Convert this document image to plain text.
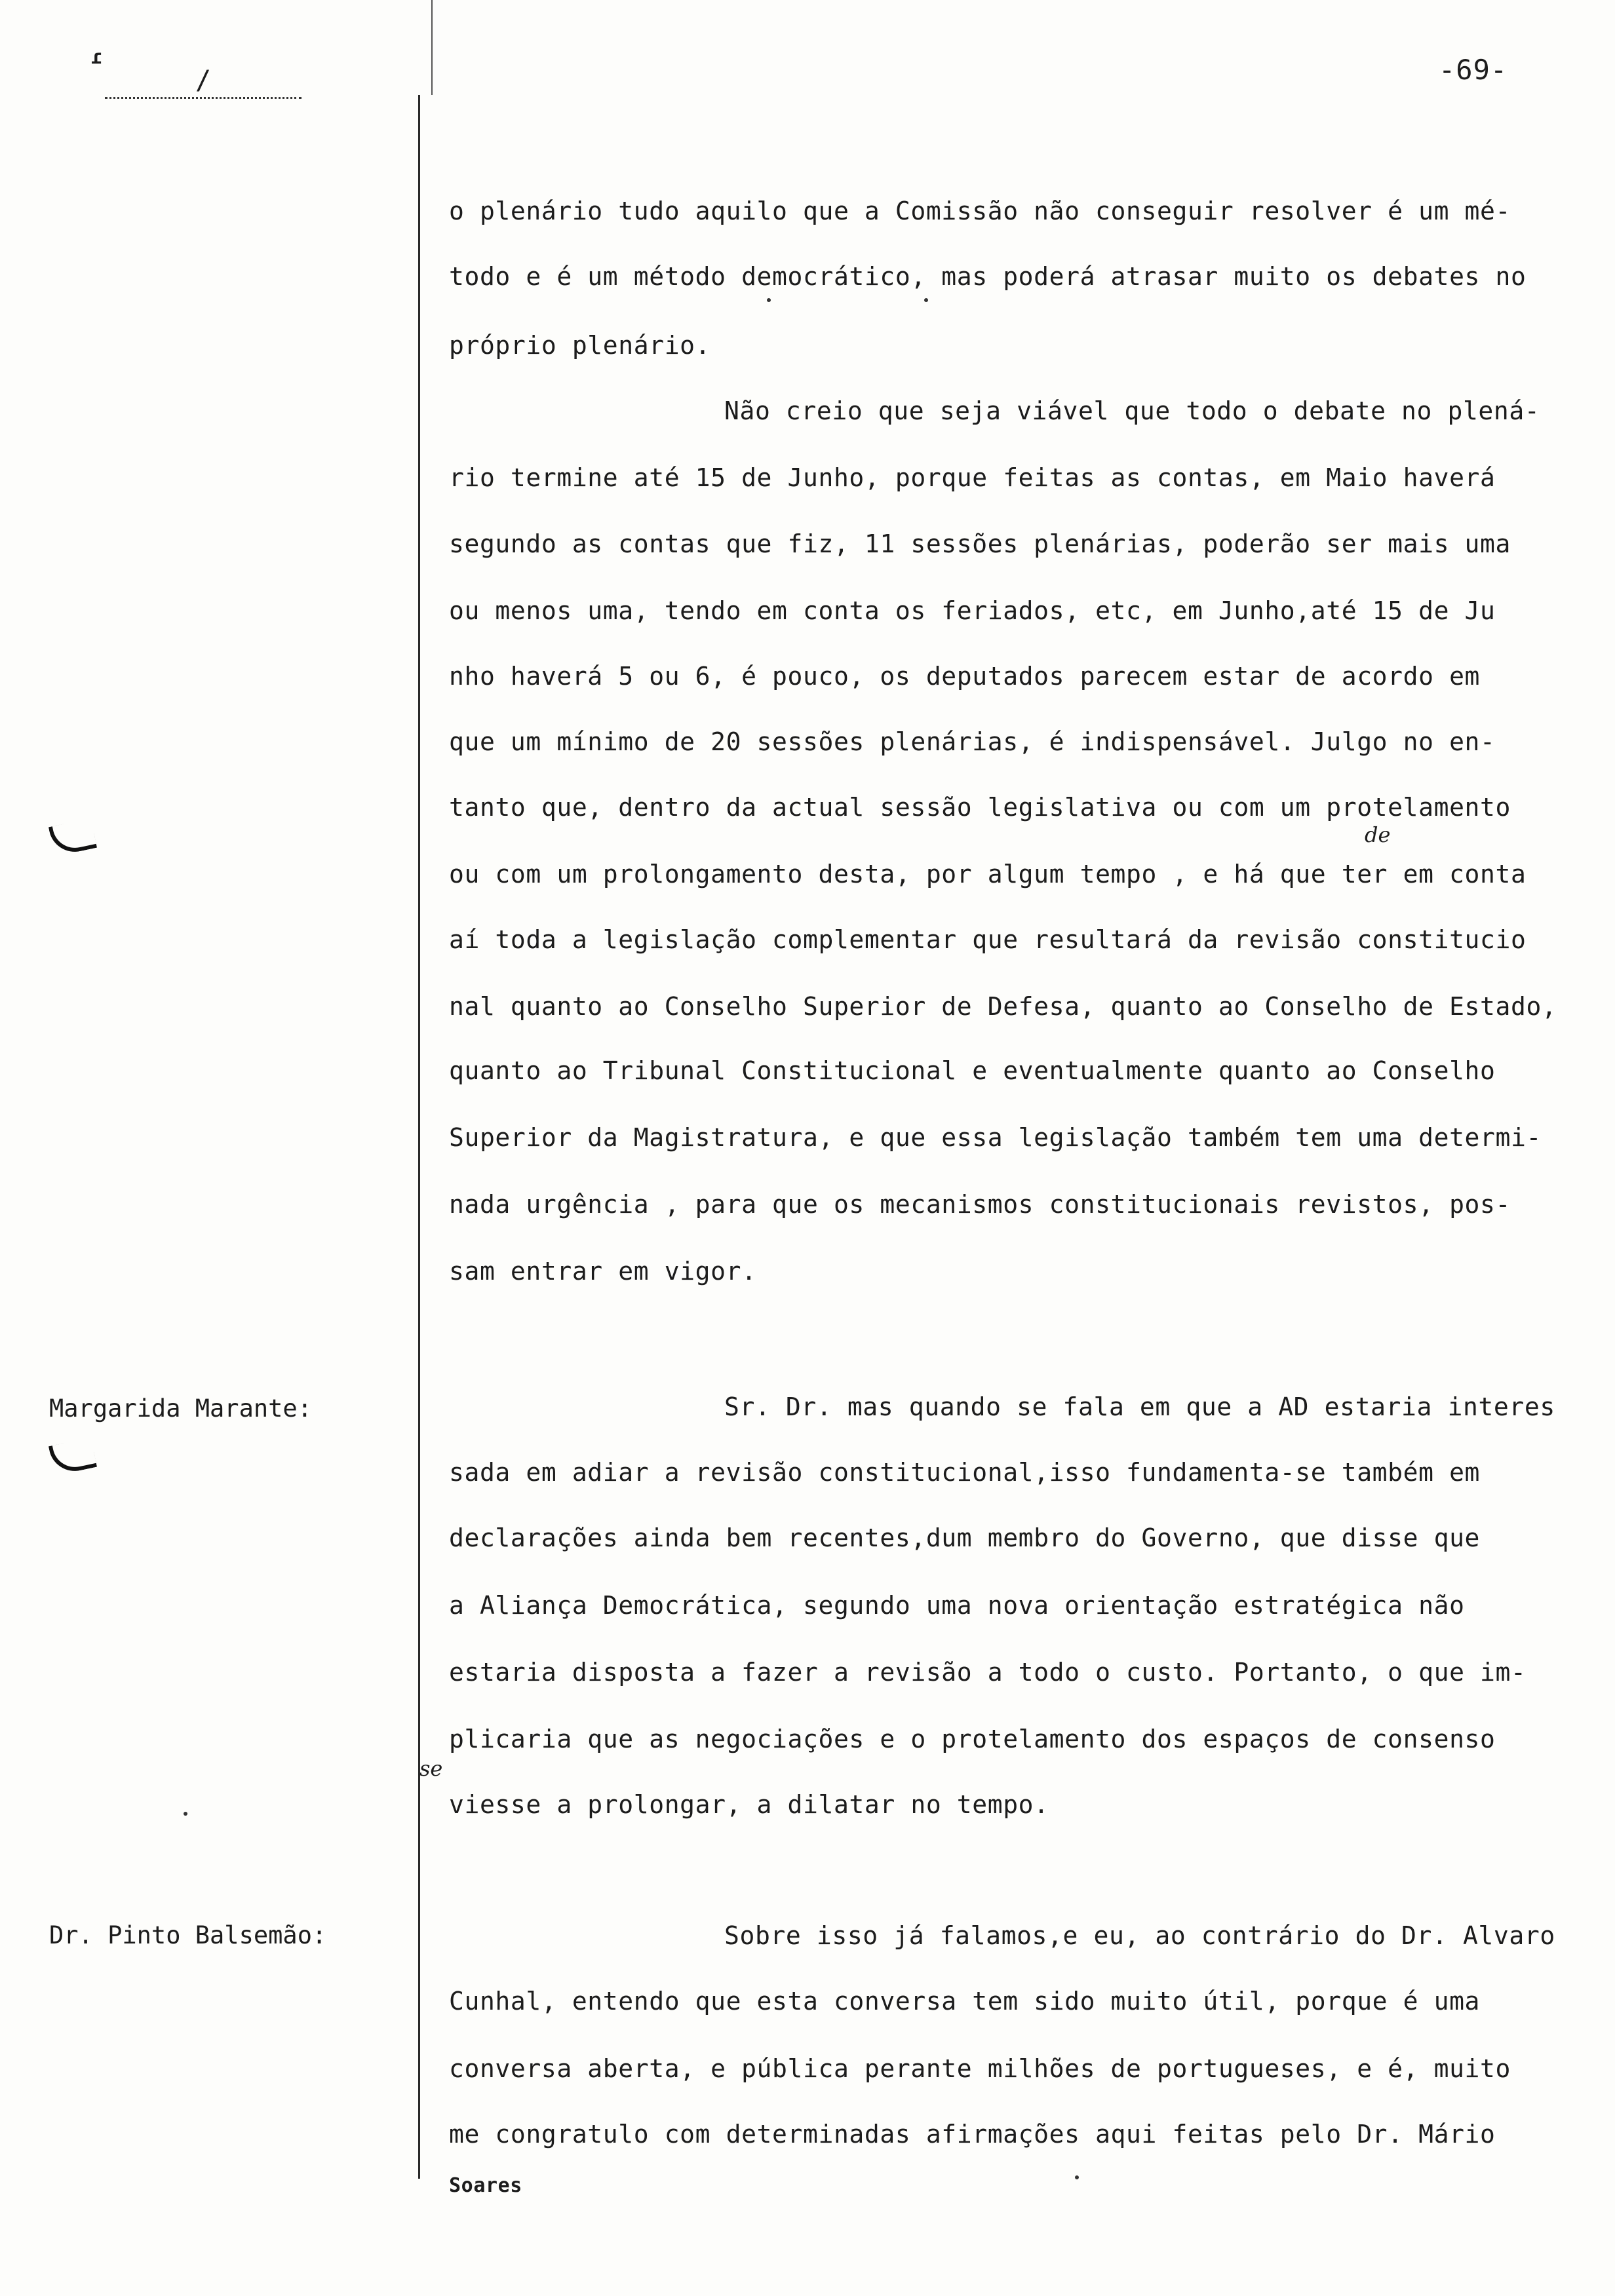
ɾ
/	-69-
Margarida Marante:
Dr. Pinto Balsemão:
de
se
o plenário tudo aquilo que a Comissão não conseguir resolver é um mé-
todo e é um método democrático, mas poderá atrasar muito os debates no
próprio plenário.
Não creio que seja viável que todo o debate no plená-
rio termine até 15 de Junho, porque feitas as contas, em Maio haverá
segundo as contas que fiz, 11 sessões plenárias, poderão ser mais uma
ou menos uma, tendo em conta os feriados, etc, em Junho,até 15 de Ju
nho haverá 5 ou 6, é pouco, os deputados parecem estar de acordo em
que um mínimo de 20 sessões plenárias, é indispensável. Julgo no en-
tanto que, dentro da actual sessão legislativa ou com um protelamento
ou com um prolongamento desta, por algum tempo , e há que ter em conta
aí toda a legislação complementar que resultará da revisão constitucio
nal quanto ao Conselho Superior de Defesa, quanto ao Conselho de Estado,
quanto ao Tribunal Constitucional e eventualmente quanto ao Conselho
Superior da Magistratura, e que essa legislação também tem uma determi-
nada urgência , para que os mecanismos constitucionais revistos, pos-
sam entrar em vigor.
Sr. Dr. mas quando se fala em que a AD estaria interes
sada em adiar a revisão constitucional,isso fundamenta-se também em
declarações ainda bem recentes,dum membro do Governo, que disse que
a Aliança Democrática, segundo uma nova orientação estratégica não
estaria disposta a fazer a revisão a todo o custo. Portanto, o que im-
plicaria que as negociações e o protelamento dos espaços de consenso
viesse a prolongar, a dilatar no tempo.
Sobre isso já falamos,e eu, ao contrário do Dr. Alvaro
Cunhal, entendo que esta conversa tem sido muito útil, porque é uma
conversa aberta, e pública perante milhões de portugueses, e é, muito
me congratulo com determinadas afirmações aqui feitas pelo Dr. Mário
Soares
